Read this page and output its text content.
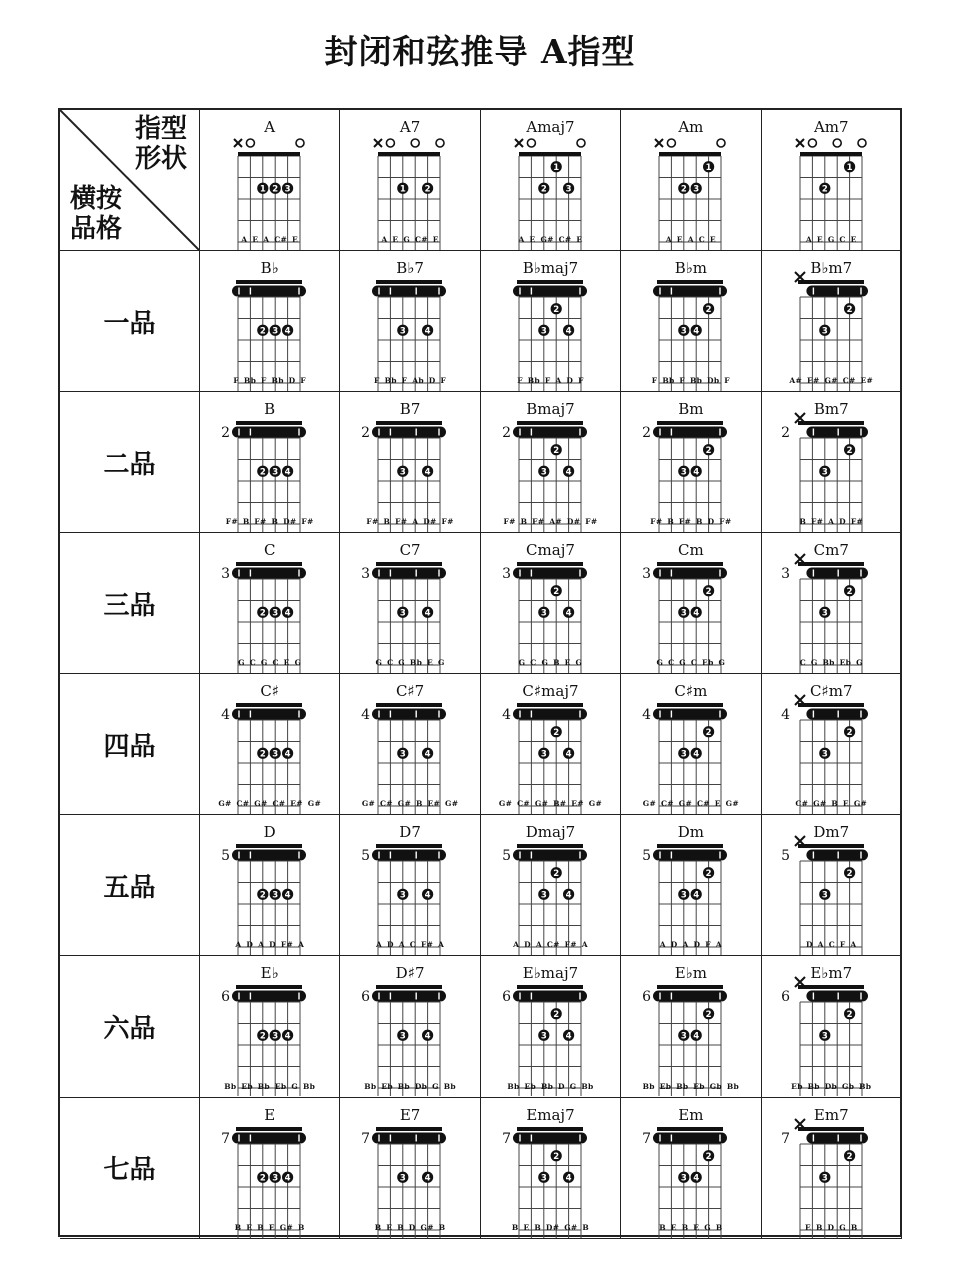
封闭和弦推导 A指型
指型
形状
横按
品格
A
1 2 3
A E A C# E
A7
1 2
A E G C# E
Amaj7
1
2 3
A E G# C# E
Am
1
2 3
A E A C E
Am7
1
2
A E G C E
一品
B♭
2 3 4
F Bb F Bb D F
B♭7
3 4
F Bb F Ab D F
B♭maj7
2
3 4
F Bb F A D F
B♭m
2
3 4
F Bb F Bb Db F
B♭m7
2
3
A# E# G# C# E#
二品
B
2
2 3 4
F# B F# B D# F#
B7
2
3 4
F# B F# A D# F#
Bmaj7
2
2
3 4
F# B F# A# D# F#
Bm
2
2
3 4
F# B F# B D F#
Bm7
2
2
3
B F# A D F#
三品
C
3
2 3 4
G C G C E G
C7
3
3 4
G C G Bb E G
Cmaj7
3
2
3 4
G C G B E G
Cm
3
2
3 4
G C G C Eb G
Cm7
3
2
3
C G Bb Eb G
四品
C♯
4
2 3 4
G# C# G# C# E# G#
C♯7
4
3 4
G# C# G# B E# G#
C♯maj7
4
2
3 4
G# C# G# B# E# G#
C♯m
4
2
3 4
G# C# G# C# E G#
C♯m7
4
2
3
C# G# B E G#
五品
D
5
2 3 4
A D A D F# A
D7
5
3 4
A D A C F# A
Dmaj7
5
2
3 4
A D A C# F# A
Dm
5
2
3 4
A D A D F A
Dm7
5
2
3
D A C F A
六品
E♭
6
2 3 4
Bb Eb Bb Eb G Bb
D♯7
6
3 4
Bb Eb Bb Db G Bb
E♭maj7
6
2
3 4
Bb Eb Bb D G Bb
E♭m
6
2
3 4
Bb Eb Bb Eb Gb Bb
E♭m7
6
2
3
Eb Bb Db Gb Bb
七品
E
7
2 3 4
B E B E G# B
E7
7
3 4
B E B D G# B
Emaj7
7
2
3 4
B E B D# G# B
Em
7
2
3 4
B E B E G B
Em7
7
2
3
E B D G B
